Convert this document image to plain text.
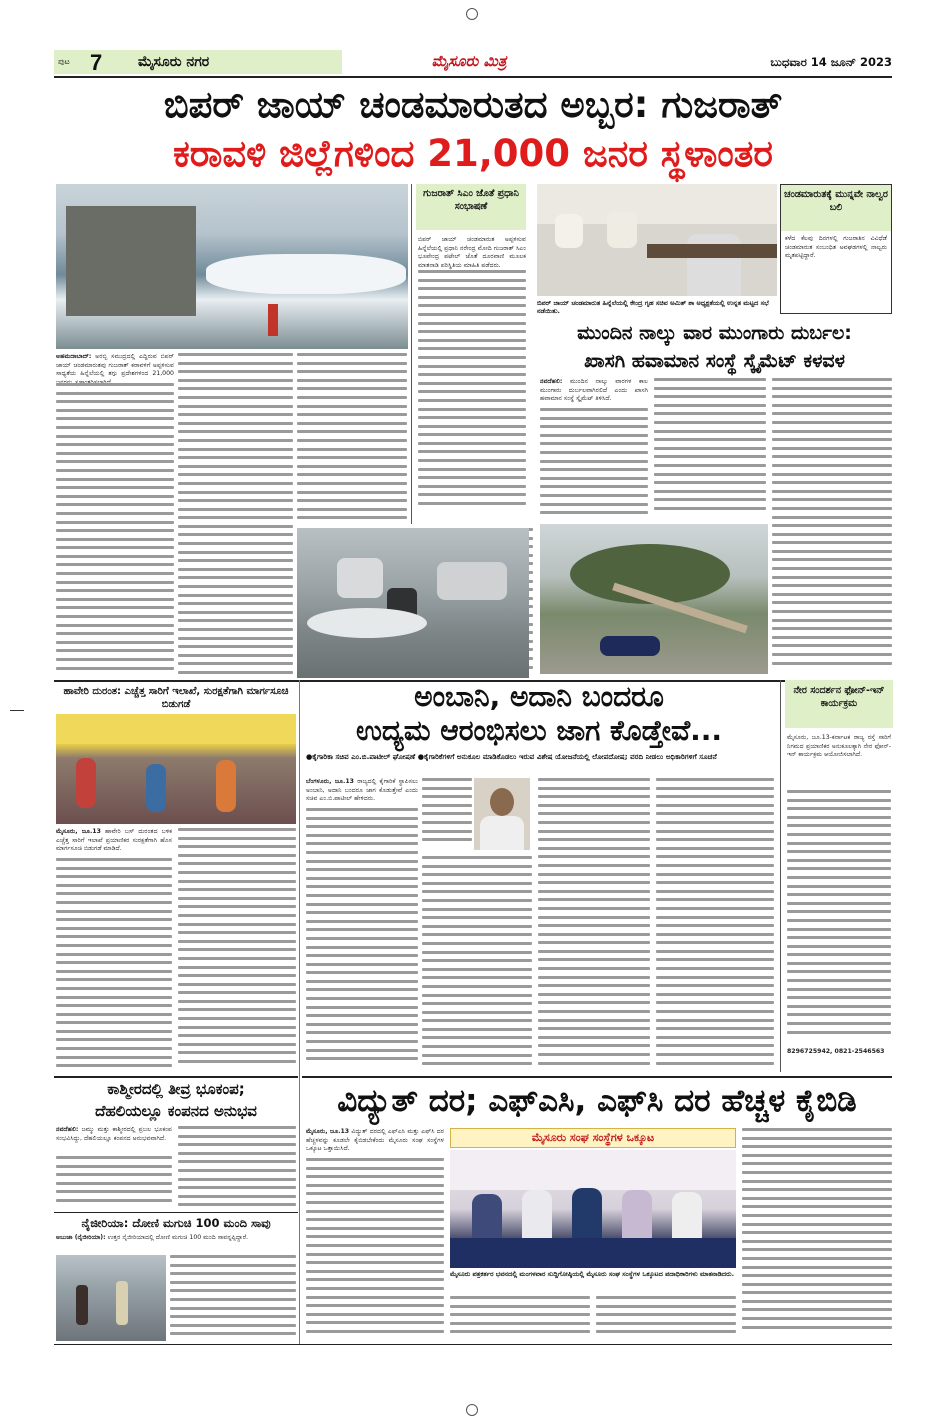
ಪುಟ 7	ಮೈಸೂರು ನಗರ	ಮೈಸೂರು ಮಿತ್ರ	ಬುಧವಾರ 14 ಜೂನ್ 2023
ಬಿಪರ್ ಜಾಯ್ ಚಂಡಮಾರುತದ ಅಬ್ಬರ: ಗುಜರಾತ್
ಕರಾವಳಿ ಜಿಲ್ಲೆಗಳಿಂದ 21,000 ಜನರ ಸ್ಥಳಾಂತರ
ಗುಜರಾತ್ ಸಿಎಂ ಜೊತೆ ಪ್ರಧಾನಿ ಸಂಭಾಷಣೆ
ಬಿಪರ್ ಜಾಯ್ ಚಂಡಮಾರುತ ಅಪ್ಪಳಿಸುವ ಹಿನ್ನೆಲೆಯಲ್ಲಿ ಪ್ರಧಾನಿ ನರೇಂದ್ರ ಮೋದಿ ಗುಜರಾತ್ ಸಿಎಂ ಭೂಪೇಂದ್ರ ಪಟೇಲ್ ಜೊತೆ ದೂರವಾಣಿ ಮೂಲಕ ಮಾತನಾಡಿ ಪರಿಸ್ಥಿತಿಯ ಮಾಹಿತಿ ಪಡೆದರು.
ಬಿಪರ್ ಜಾಯ್ ಚಂಡಮಾರುತ ಹಿನ್ನೆಲೆಯಲ್ಲಿ ಕೇಂದ್ರ ಗೃಹ ಸಚಿವ ಅಮಿತ್ ಶಾ ಅಧ್ಯಕ್ಷತೆಯಲ್ಲಿ ಉನ್ನತ ಮಟ್ಟದ ಸಭೆ ನಡೆಯಿತು.
ಚಂಡಮಾರುತಕ್ಕೆ ಮುನ್ನವೇ ನಾಲ್ವರ ಬಲಿ
ಕಳೆದ ಕೆಲವು ದಿನಗಳಲ್ಲಿ ಗುಜರಾತಿನ ವಿವಿಧೆಡೆ ಚಂಡಮಾರುತ ಸಂಬಂಧಿತ ಅವಘಡಗಳಲ್ಲಿ ನಾಲ್ವರು ಮೃತಪಟ್ಟಿದ್ದಾರೆ.
ಅಹಮದಾಬಾದ್: ಅರಬ್ಬಿ ಸಮುದ್ರದಲ್ಲಿ ಎದ್ದಿರುವ ಬಿಪರ್ ಜಾಯ್ ಚಂಡಮಾರುತವು ಗುಜರಾತ್ ಕರಾವಳಿಗೆ ಅಪ್ಪಳಿಸುವ ಸಾಧ್ಯತೆಯ ಹಿನ್ನೆಲೆಯಲ್ಲಿ ತಗ್ಗು ಪ್ರದೇಶಗಳಿಂದ 21,000
ಮುಂದಿನ ನಾಲ್ಕು ವಾರ ಮುಂಗಾರು ದುರ್ಬಲ:
ಖಾಸಗಿ ಹವಾಮಾನ ಸಂಸ್ಥೆ ಸ್ಕೈಮೆಟ್ ಕಳವಳ
ನವದೆಹಲಿ: ಮುಂದಿನ ನಾಲ್ಕು ವಾರಗಳ ಕಾಲ ಮುಂಗಾರು ದುರ್ಬಲವಾಗಿರಲಿದೆ ಎಂದು ಖಾಸಗಿ ಹವಾಮಾನ ಸಂಸ್ಥೆ ಸ್ಕೈಮೆಟ್ ತಿಳಿಸಿದೆ.
ಹಾವೇರಿ ದುರಂತ: ಎಚ್ಚೆತ್ತ ಸಾರಿಗೆ ಇಲಾಖೆ, ಸುರಕ್ಷತೆಗಾಗಿ ಮಾರ್ಗಸೂಚಿ ಬಿಡುಗಡೆ
ಮೈಸೂರು, ಜೂ.13 ಹಾವೇರಿ ಬಸ್ ದುರಂತದ ಬಳಿಕ ಎಚ್ಚೆತ್ತ ಸಾರಿಗೆ ಇಲಾಖೆ ಪ್ರಯಾಣಿಕರ ಸುರಕ್ಷತೆಗಾಗಿ ಹೊಸ ಮಾರ್ಗಸೂಚಿ ಬಿಡುಗಡೆ ಮಾಡಿದೆ.
ಅಂಬಾನಿ, ಅದಾನಿ ಬಂದರೂ
ಉದ್ಯಮ ಆರಂಭಿಸಲು ಜಾಗ ಕೊಡ್ತೇವೆ...
●ಕೈಗಾರಿಕಾ ಸಚಿವ ಎಂ.ಬಿ.ಪಾಟೀಲ್ ಘೋಷಣೆ ●ಕೈಗಾರಿಕೆಗಳಿಗೆ ಅನುಕೂಲ ಮಾಡಿಕೊಡಲು ಇರುವ ವಿಶೇಷ ಯೋಜನೆಯಲ್ಲಿ ಲೋಪದೋಷ; ವರದಿ ನೀಡಲು ಅಧಿಕಾರಿಗಳಿಗೆ ಸೂಚನೆ
ಬೆಂಗಳೂರು, ಜೂ.13 ರಾಜ್ಯದಲ್ಲಿ ಕೈಗಾರಿಕೆ ಸ್ಥಾಪಿಸಲು ಅಂಬಾನಿ, ಅದಾನಿ ಬಂದರೂ ಜಾಗ ಕೊಡುತ್ತೇವೆ ಎಂದು ಸಚಿವ ಎಂ.ಬಿ.ಪಾಟೀಲ್ ಹೇಳಿದರು.
ನೇರ ಸಂದರ್ಶನ ಫೋನ್-ಇನ್ ಕಾರ್ಯಕ್ರಮ
ಮೈಸೂರು, ಜೂ.13-ಕರ್ನಾಟಕ ರಾಜ್ಯ ರಸ್ತೆ ಸಾರಿಗೆ ನಿಗಮದ ಪ್ರಯಾಣಿಕರ ಅನುಕೂಲಕ್ಕಾಗಿ ನೇರ ಫೋನ್-ಇನ್ ಕಾರ್ಯಕ್ರಮ ಆಯೋಜಿಸಲಾಗಿದೆ.
8296725942, 0821-2546563
ಕಾಶ್ಮೀರದಲ್ಲಿ ತೀವ್ರ ಭೂಕಂಪ;
ದೆಹಲಿಯಲ್ಲೂ ಕಂಪನದ ಅನುಭವ
ನವದೆಹಲಿ: ಜಮ್ಮು ಮತ್ತು ಕಾಶ್ಮೀರದಲ್ಲಿ ಪ್ರಬಲ ಭೂಕಂಪ ಸಂಭವಿಸಿದ್ದು, ದೆಹಲಿಯಲ್ಲೂ ಕಂಪನದ ಅನುಭವವಾಗಿದೆ.
ನೈಜೀರಿಯಾ: ದೋಣಿ ಮಗುಚಿ 100 ಮಂದಿ ಸಾವು
ಅಬುಜಾ (ನೈಜೀರಿಯಾ): ಉತ್ತರ ನೈಜೀರಿಯಾದಲ್ಲಿ ದೋಣಿ ಮಗುಚಿ 100 ಮಂದಿ ಸಾವನ್ನಪ್ಪಿದ್ದಾರೆ.
ವಿದ್ಯುತ್ ದರ; ಎಫ್‌ಎಸಿ, ಎಫ್‌ಸಿ ದರ ಹೆಚ್ಚಳ ಕೈಬಿಡಿ
ಮೈಸೂರು, ಜೂ.13 ವಿದ್ಯುತ್ ದರದಲ್ಲಿ ಎಫ್‌ಎಸಿ ಮತ್ತು ಎಫ್‌ಸಿ ದರ ಹೆಚ್ಚಳವನ್ನು ಕೂಡಲೇ ಕೈಬಿಡಬೇಕೆಂದು ಮೈಸೂರು ಸಂಘ ಸಂಸ್ಥೆಗಳ ಒಕ್ಕೂಟ ಒತ್ತಾಯಿಸಿದೆ.
ಮೈಸೂರು ಸಂಘ ಸಂಸ್ಥೆಗಳ ಒಕ್ಕೂಟ
ಮೈಸೂರು ಪತ್ರಕರ್ತರ ಭವನದಲ್ಲಿ ಮಂಗಳವಾರ ಸುದ್ದಿಗೋಷ್ಠಿಯಲ್ಲಿ ಮೈಸೂರು ಸಂಘ ಸಂಸ್ಥೆಗಳ ಒಕ್ಕೂಟದ ಪದಾಧಿಕಾರಿಗಳು ಮಾತನಾಡಿದರು.
